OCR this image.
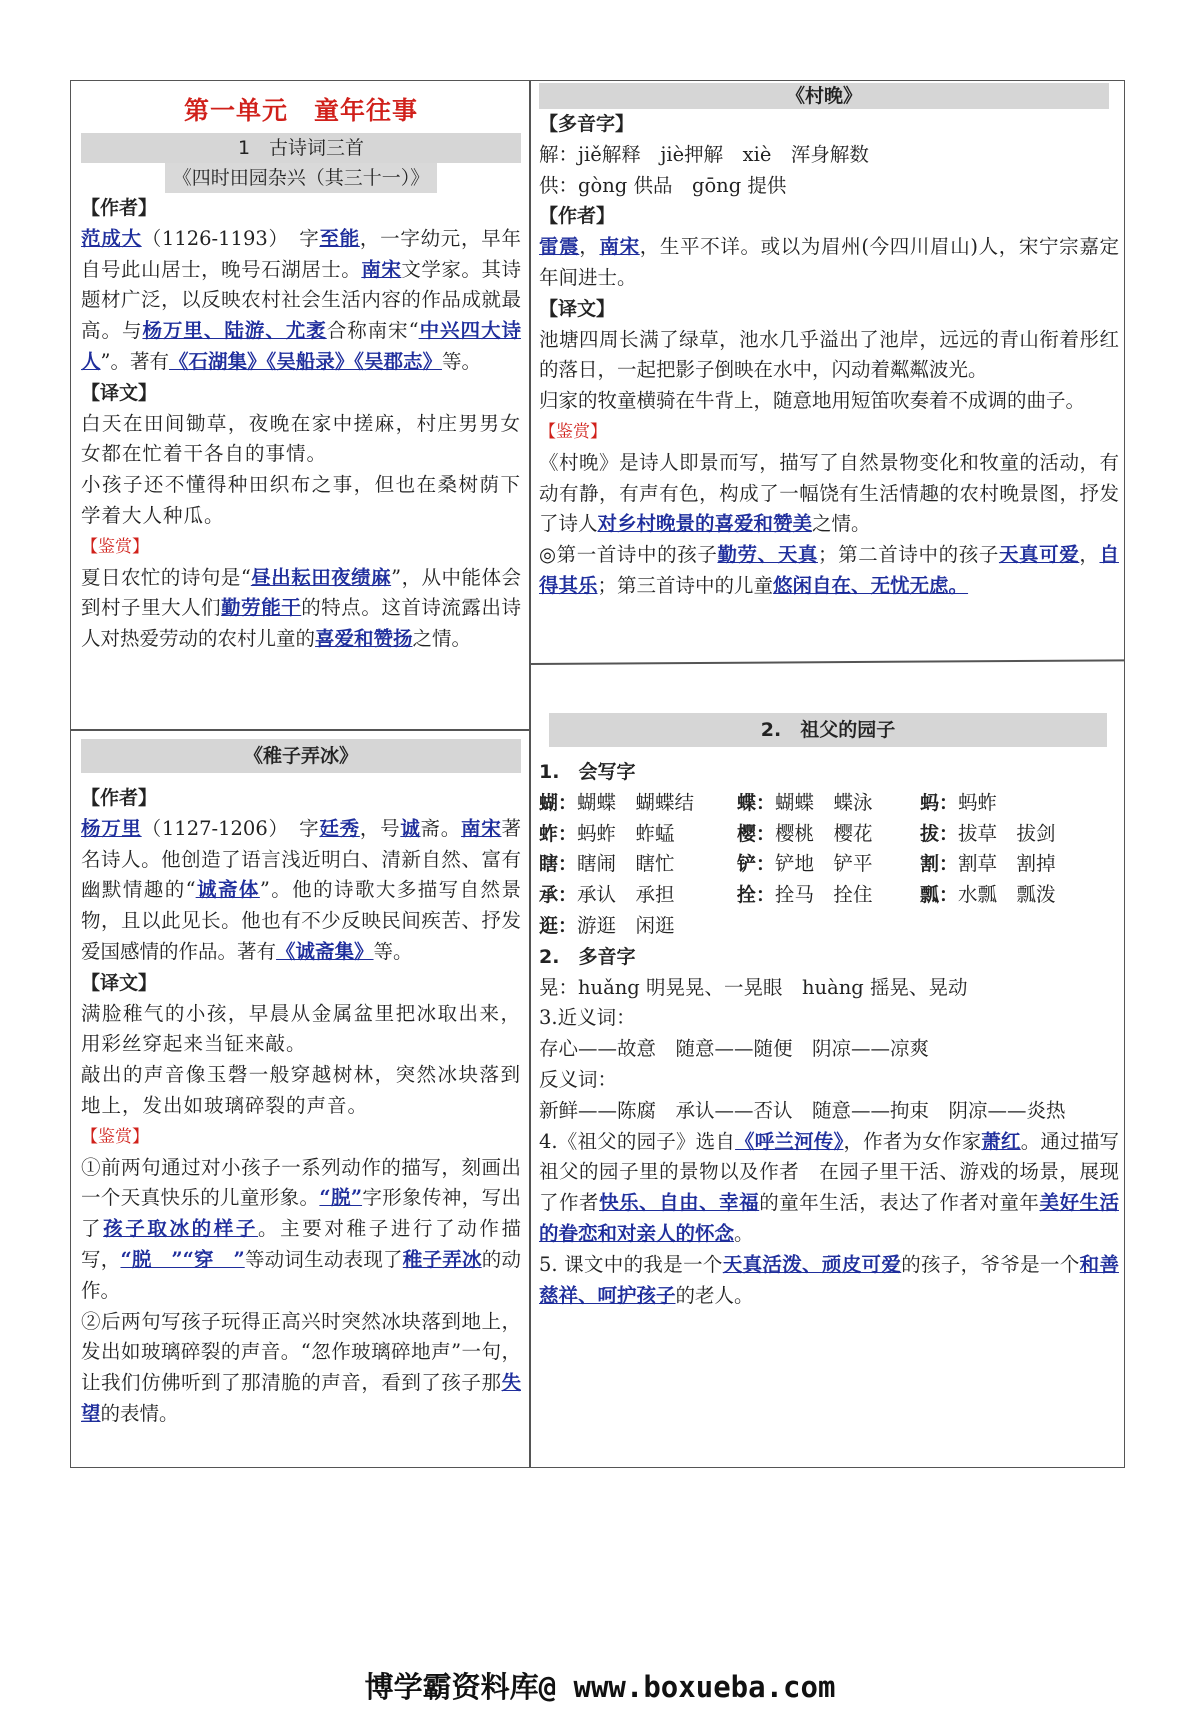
第一单元　童年往事
1　古诗词三首
《四时田园杂兴（其三十一）》

【作者】

范成大（1126-1193）　 字至能，一字幼元，早年自号此山居士，晚号石湖居士。南宋文学家。其诗题材广泛，以反映农村社会生活内容的作品成就最高。与杨万里、陆游、尤袤合称南宋“中兴四大诗人”。著有《石湖集》《吴船录》《吴郡志》等。

【译文】

白天在田间锄草，夜晚在家中搓麻，村庄男男女女都在忙着干各自的事情。

小孩子还不懂得种田织布之事，但也在桑树荫下学着大人种瓜。

【鉴赏】

夏日农忙的诗句是“昼出耘田夜绩麻”，从中能体会到村子里大人们勤劳能干的特点。这首诗流露出诗人对热爱劳动的农村儿童的喜爱和赞扬之情。

《稚子弄冰》

【作者】

杨万里（1127-1206）　 字廷秀，号诚斋。南宋著名诗人。他创造了语言浅近明白、清新自然、富有幽默情趣的“诚斋体”。他的诗歌大多描写自然景物，且以此见长。他也有不少反映民间疾苦、抒发爱国感情的作品。著有《诚斋集》等。

【译文】

满脸稚气的小孩，早晨从金属盆里把冰取出来，用彩丝穿起来当钲来敲。

敲出的声音像玉磬一般穿越树林，突然冰块落到地上，发出如玻璃碎裂的声音。

【鉴赏】

①前两句通过对小孩子一系列动作的描写，刻画出一个天真快乐的儿童形象。“脱”字形象传神，写出了孩子取冰的样子。主要对稚子进行了动作描写，“脱　”“穿　”等动词生动表现了稚子弄冰的动作。

②后两句写孩子玩得正高兴时突然冰块落到地上，发出如玻璃碎裂的声音。“忽作玻璃碎地声”一句，让我们仿佛听到了那清脆的声音，看到了孩子那失望的表情。

《村晚》

【多音字】

解：jiě解释　jiè押解　xiè　浑身解数

供：gòng 供品　gōng 提供

【作者】

雷震，南宋，生平不详。或以为眉州(今四川眉山)人，宋宁宗嘉定年间进士。

【译文】

池塘四周长满了绿草，池水几乎溢出了池岸，远远的青山衔着彤红的落日，一起把影子倒映在水中，闪动着粼粼波光。

归家的牧童横骑在牛背上，随意地用短笛吹奏着不成调的曲子。

【鉴赏】

《村晚》是诗人即景而写，描写了自然景物变化和牧童的活动，有动有静，有声有色，构成了一幅饶有生活情趣的农村晚景图，抒发了诗人对乡村晚景的喜爱和赞美之情。

◎第一首诗中的孩子勤劳、天真；第二首诗中的孩子天真可爱，自得其乐；第三首诗中的儿童悠闲自在、无忧无虑。

2.　祖父的园子

1.　会写字

蝴： 蝴蝶　蝴蝶结	蝶： 蝴蝶　蝶泳	蚂： 蚂蚱
蚱： 蚂蚱　蚱蜢	樱： 樱桃　樱花	拔： 拔草　拔剑
瞎： 瞎闹　瞎忙	铲： 铲地　铲平	割： 割草　割掉
承： 承认　承担	拴： 拴马　拴住	瓢： 水瓢　瓢泼
逛： 游逛　闲逛

2.　多音字

晃：huǎng 明晃晃、一晃眼　huàng 摇晃、晃动

3.近义词：

存心——故意　随意——随便　阴凉——凉爽

反义词：

新鲜——陈腐　承认——否认　随意——拘束　阴凉——炎热

4.《祖父的园子》选自《呼兰河传》，作者为女作家萧红。通过描写祖父的园子里的景物以及作者　在园子里干活、游戏的场景，展现了作者快乐、自由、幸福的童年生活，表达了作者对童年美好生活的眷恋和对亲人的怀念。

5. 课文中的我是一个天真活泼、顽皮可爱的孩子，爷爷是一个和善慈祥、呵护孩子的老人。

博学霸资料库@ www.boxueba.com
